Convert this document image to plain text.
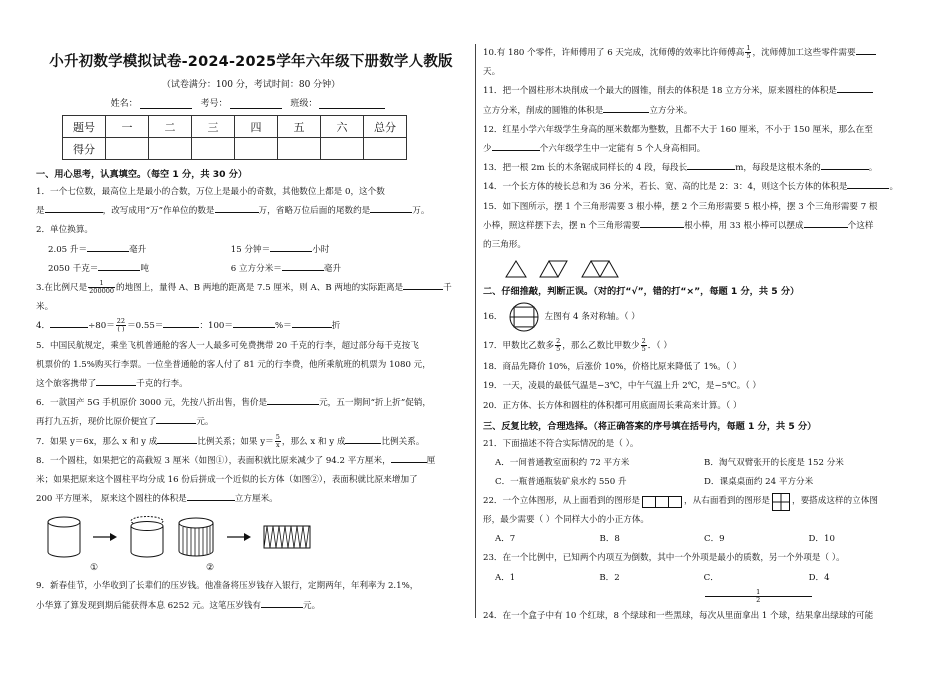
小升初数学模拟试卷-2024-2025学年六年级下册数学人教版
（试卷满分：100 分，考试时间：80 分钟）
姓名：	考号：	班级：
题号	一	二	三	四	五	六	总分
得分							
一、用心思考，认真填空。（每空 1 分，共 30 分）
1．一个七位数，最高位上是最小的合数，万位上是最小的奇数，其他数位上都是 0，这个数
是	，改写成用“万”作单位的数是	万，省略万位后面的尾数约是	万。
2．单位换算。
2.05 升＝	毫升	15 分钟＝	小时
2050 千克＝	吨	6 立方分米＝	毫升
3.在比例尺是 $\frac{1}{200000}$ 的地图上，量得 A、B 两地的距离是 7.5 厘米，则 A、B 两地的实际距离是	千
米。
4．	$\div 80= \frac{22}{( )} =0.55=$	：100＝	%＝	折
5．中国民航规定，乘坐飞机普通舱的客人一人最多可免费携带 20 千克的行李，超过部分每千克按飞
机票价的 1.5%购买行李票。一位坐普通舱的客人付了 81 元的行李费，他所乘航班的机票为 1080 元，
这个旅客携带了	千克的行李。
6．一款国产 5G 手机原价 3000 元，先按八折出售，售价是	元，五一期间“折上折”促销，
再打九五折，现价比原价便宜了	元。
7．如果 y＝6x，那么 x 和 y 成	比例关系；如果 $y= \frac{5}{x}$ ，那么 x 和 y 成	比例关系。
8．一个圆柱，如果把它的高截短 3 厘米（如图①），表面积就比原来减少了 94.2 平方厘米，	厘
米；如果把原来这个圆柱平均分成 16 份后拼成一个近似的长方体（如图②），表面积就比原来增加了
200 平方厘米， 原来这个圆柱的体积是	立方厘米。
①	②
9．新春佳节，小华收到了长辈们的压岁钱。他准备将压岁钱存入银行，定期两年，年利率为 2.1%，
小华算了算发现到期后能获得本息 6252 元。这笔压岁钱有	元。
10.有 180 个零件，许师傅用了 6 天完成，沈师傅的效率比许师傅高 $\frac{1}{5}$ ，沈师傅加工这些零件需要
天。
11．把一个圆柱形木块削成一个最大的圆锥，削去的体积是 18 立方分米，原来圆柱的体积是
立方分米，削成的圆锥的体积是	立方分米。
12．红星小学六年级学生身高的厘米数都为整数，且都不大于 160 厘米，不小于 150 厘米，那么在至
少	个六年级学生中一定能有 5 个人身高相同。
13．把一根 2m 长的木条锯成同样长的 4 段，每段长	m，每段是这根木条的	。
14．一个长方体的棱长总和为 36 分米，若长、宽、高的比是 2：3：4，则这个长方体的体积是	。
15．如下图所示，摆 1 个三角形需要 3 根小棒，摆 2 个三角形需要 5 根小棒，摆 3 个三角形需要 7 根
小棒，照这样摆下去，摆 n 个三角形需要	根小棒，用 33 根小棒可以摆成	个这样
的三角形。
二、仔细推敲，判断正误。（对的打“√”，错的打“×”，每题 1 分，共 5 分）
16．	左图有 4 条对称轴。（ ）
17．甲数比乙数多 $\frac{2}{5}$ ，那么乙数比甲数少 $\frac{2}{5}$ ．（ ）
18．商品先降价 10%，后涨价 10%，价格比原来降低了 1%。（ ）
19．一天，凌晨的最低气温是−3℃，中午气温上升 2℃，是−5℃。（ ）
20．正方体、长方体和圆柱的体积都可用底面周长乘高来计算。（ ）
三、反复比较，合理选择。（将正确答案的序号填在括号内，每题 1 分，共 5 分）
21．下面描述不符合实际情况的是（ ）。
A．一间普通教室面积约 72 平方米	B．淘气双臂张开的长度是 152 分米
C．一瓶普通瓶装矿泉水约 550 升	D．课桌桌面约 24 平方分米
22．一个立体图形，从上面看到的图形是	，从右面看到的图形是	，要搭成这样的立体图
形，最少需要（ ）个同样大小的小正方体。
A．7	B．8	C．9	D．10
23．在一个比例中，已知两个内项互为倒数，其中一个外项是最小的质数，另一个外项是（ ）。
A．1	B．2	C．
$\frac{1}{2}$
D．4
24．在一个盒子中有 10 个红球，8 个绿球和一些黑球，每次从里面拿出 1 个球，结果拿出绿球的可能
